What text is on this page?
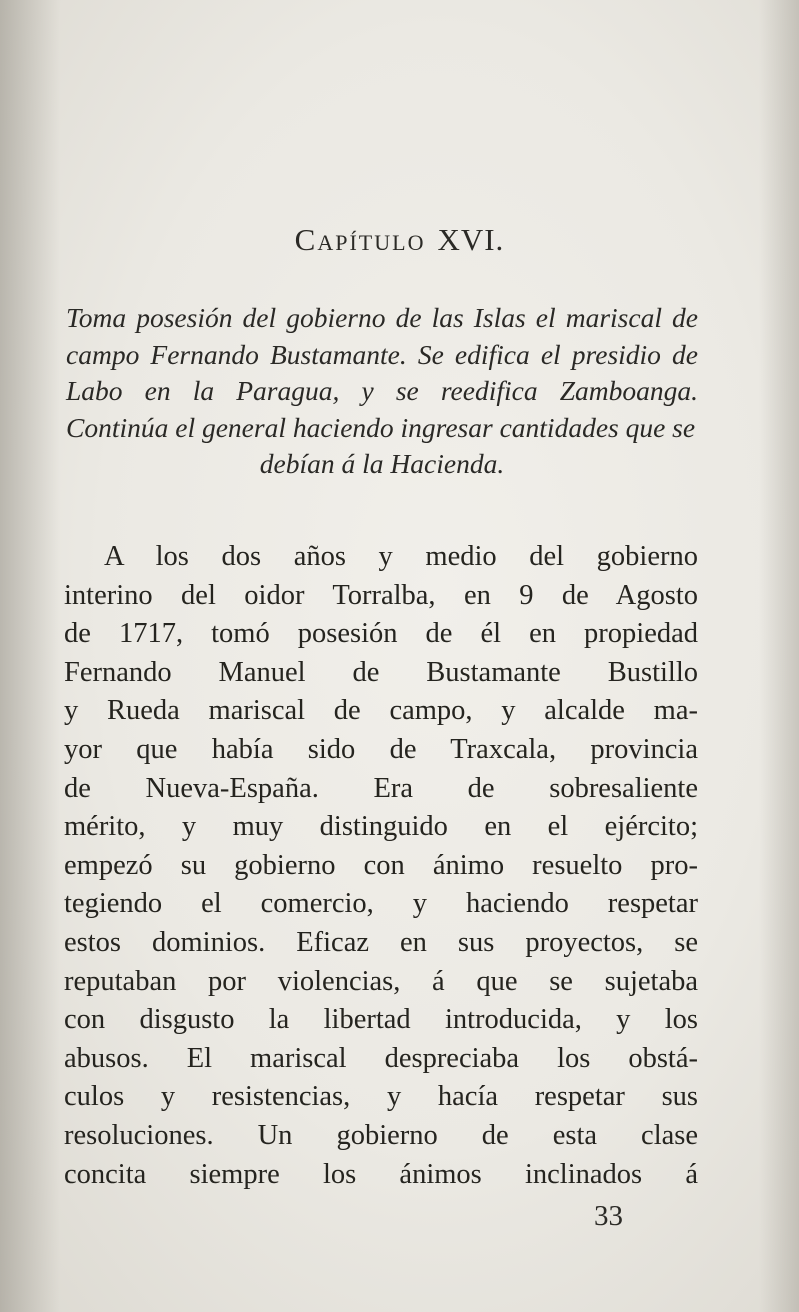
Capítulo XVI.
Toma posesión del gobierno de las Islas el mariscal de campo Fernando Bustamante. Se edifica el presidio de Labo en la Paragua, y se reedifica Zamboanga. Continúa el general haciendo ingresar cantidades que se
debían á la Hacienda.
A los dos años y medio del gobierno
interino del oidor Torralba, en 9 de Agosto
de 1717, tomó posesión de él en propiedad
Fernando Manuel de Bustamante Bustillo
y Rueda mariscal de campo, y alcalde ma-
yor que había sido de Traxcala, provincia
de Nueva-España. Era de sobresaliente
mérito, y muy distinguido en el ejército;
empezó su gobierno con ánimo resuelto pro-
tegiendo el comercio, y haciendo respetar
estos dominios. Eficaz en sus proyectos, se
reputaban por violencias, á que se sujetaba
con disgusto la libertad introducida, y los
abusos. El mariscal despreciaba los obstá-
culos y resistencias, y hacía respetar sus
resoluciones. Un gobierno de esta clase
concita siempre los ánimos inclinados á
33
